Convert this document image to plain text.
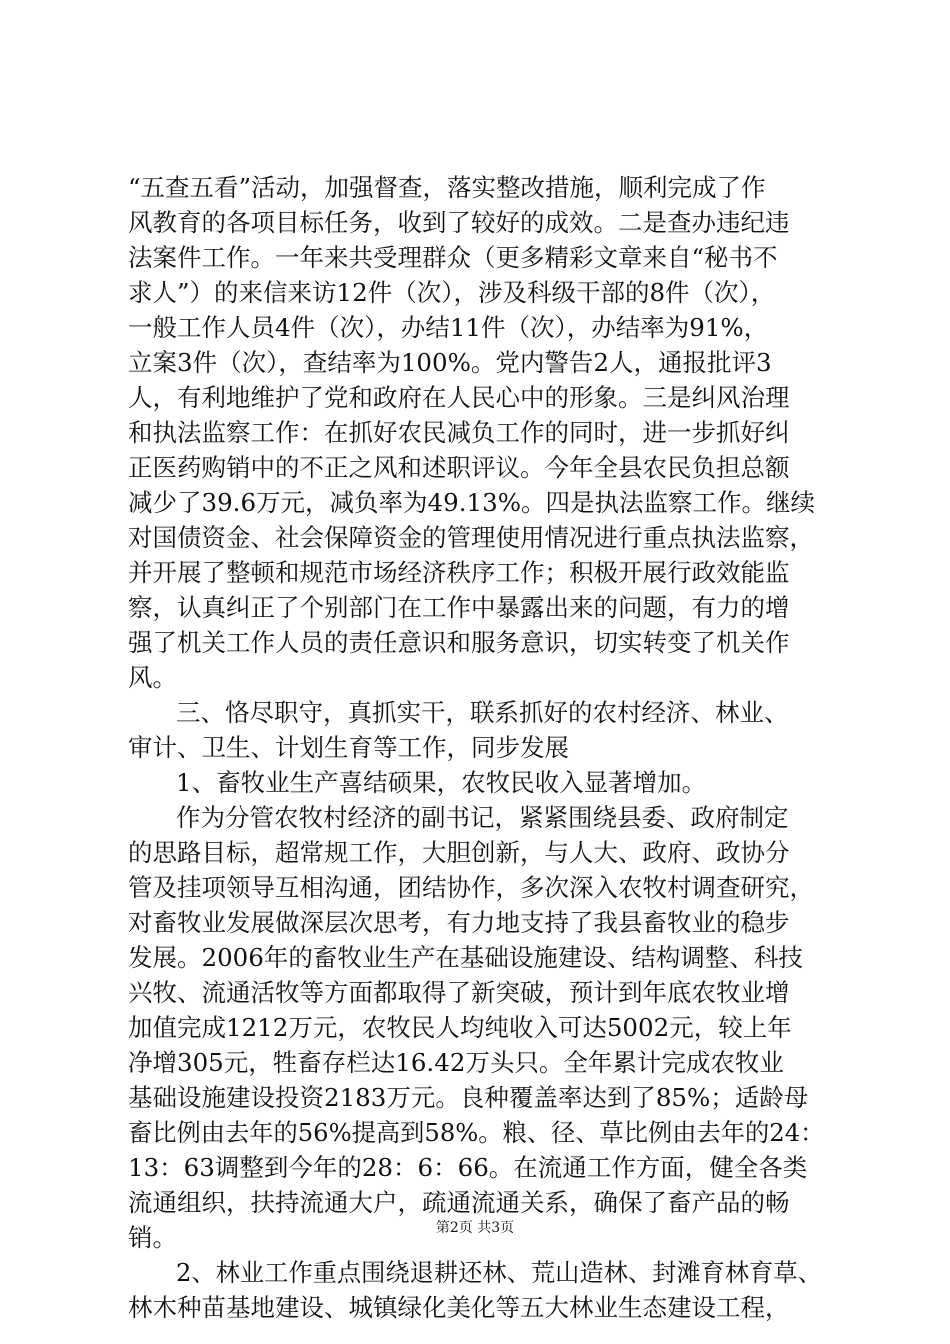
“五查五看”活动，加强督查，落实整改措施，顺利完成了作

风教育的各项目标任务，收到了较好的成效。二是查办违纪违

法案件工作。一年来共受理群众（更多精彩文章来自“秘书不

求人”）的来信来访12件（次），涉及科级干部的8件（次），

一般工作人员4件（次），办结11件（次），办结率为91%，

立案3件（次），查结率为100%。党内警告2人，通报批评3

人，有利地维护了党和政府在人民心中的形象。三是纠风治理

和执法监察工作：在抓好农民减负工作的同时，进一步抓好纠

正医药购销中的不正之风和述职评议。今年全县农民负担总额

减少了39.6万元，减负率为49.13%。四是执法监察工作。继续

对国债资金、社会保障资金的管理使用情况进行重点执法监察，

并开展了整顿和规范市场经济秩序工作；积极开展行政效能监

察，认真纠正了个别部门在工作中暴露出来的问题，有力的增

强了机关工作人员的责任意识和服务意识，切实转变了机关作

风。

三、恪尽职守，真抓实干，联系抓好的农村经济、林业、

审计、卫生、计划生育等工作，同步发展

1、畜牧业生产喜结硕果，农牧民收入显著增加。

作为分管农牧村经济的副书记，紧紧围绕县委、政府制定

的思路目标，超常规工作，大胆创新，与人大、政府、政协分

管及挂项领导互相沟通，团结协作，多次深入农牧村调查研究，

对畜牧业发展做深层次思考，有力地支持了我县畜牧业的稳步

发展。2006年的畜牧业生产在基础设施建设、结构调整、科技

兴牧、流通活牧等方面都取得了新突破，预计到年底农牧业增

加值完成1212万元，农牧民人均纯收入可达5002元，较上年

净增305元，牲畜存栏达16.42万头只。全年累计完成农牧业

基础设施建设投资2183万元。良种覆盖率达到了85%；适龄母

畜比例由去年的56%提高到58%。粮、径、草比例由去年的24：

13：63调整到今年的28：6：66。在流通工作方面，健全各类

流通组织，扶持流通大户，疏通流通关系，确保了畜产品的畅

销。

2、林业工作重点围绕退耕还林、荒山造林、封滩育林育草、

林木种苗基地建设、城镇绿化美化等五大林业生态建设工程，

第2页 共3页
